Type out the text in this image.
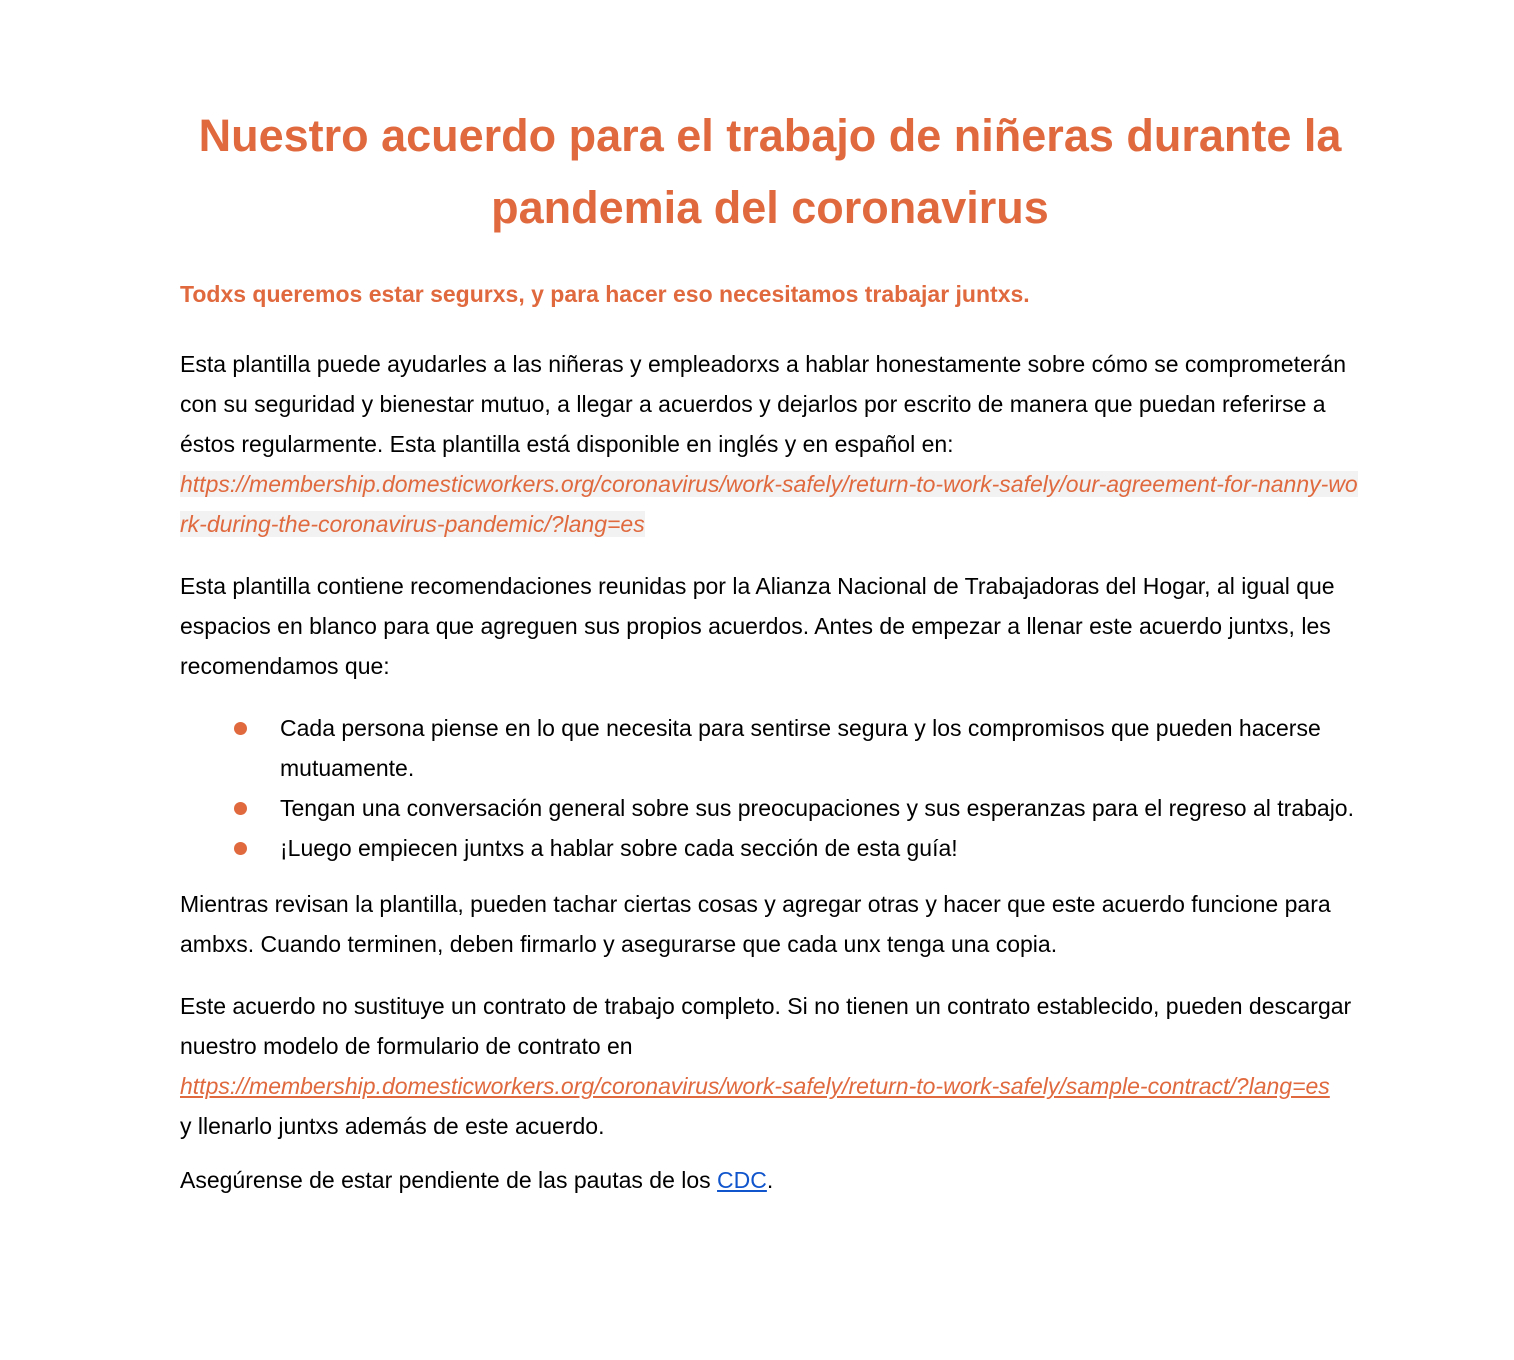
Nuestro acuerdo para el trabajo de niñeras durante la pandemia del coronavirus

Todxs queremos estar segurxs, y para hacer eso necesitamos trabajar juntxs.

Esta plantilla puede ayudarles a las niñeras y empleadorxs a hablar honestamente sobre cómo se comprometerán con su seguridad y bienestar mutuo, a llegar a acuerdos y dejarlos por escrito de manera que puedan referirse a éstos regularmente. Esta plantilla está disponible en inglés y en español en:
https://membership.domesticworkers.org/coronavirus/work-safely/return-to-work-safely/our-agreement-for-nanny-work-during-the-coronavirus-pandemic/?lang=es
Esta plantilla contiene recomendaciones reunidas por la Alianza Nacional de Trabajadoras del Hogar, al igual que espacios en blanco para que agreguen sus propios acuerdos. Antes de empezar a llenar este acuerdo juntxs, les recomendamos que:
Cada persona piense en lo que necesita para sentirse segura y los compromisos que pueden hacerse mutuamente.
Tengan una conversación general sobre sus preocupaciones y sus esperanzas para el regreso al trabajo.
¡Luego empiecen juntxs a hablar sobre cada sección de esta guía!
Mientras revisan la plantilla, pueden tachar ciertas cosas y agregar otras y hacer que este acuerdo funcione para ambxs. Cuando terminen, deben firmarlo y asegurarse que cada unx tenga una copia.
Este acuerdo no sustituye un contrato de trabajo completo. Si no tienen un contrato establecido, pueden descargar nuestro modelo de formulario de contrato en
https://membership.domesticworkers.org/coronavirus/work-safely/return-to-work-safely/sample-contract/?lang=es
y llenarlo juntxs además de este acuerdo.
Asegúrense de estar pendiente de las pautas de los CDC.
